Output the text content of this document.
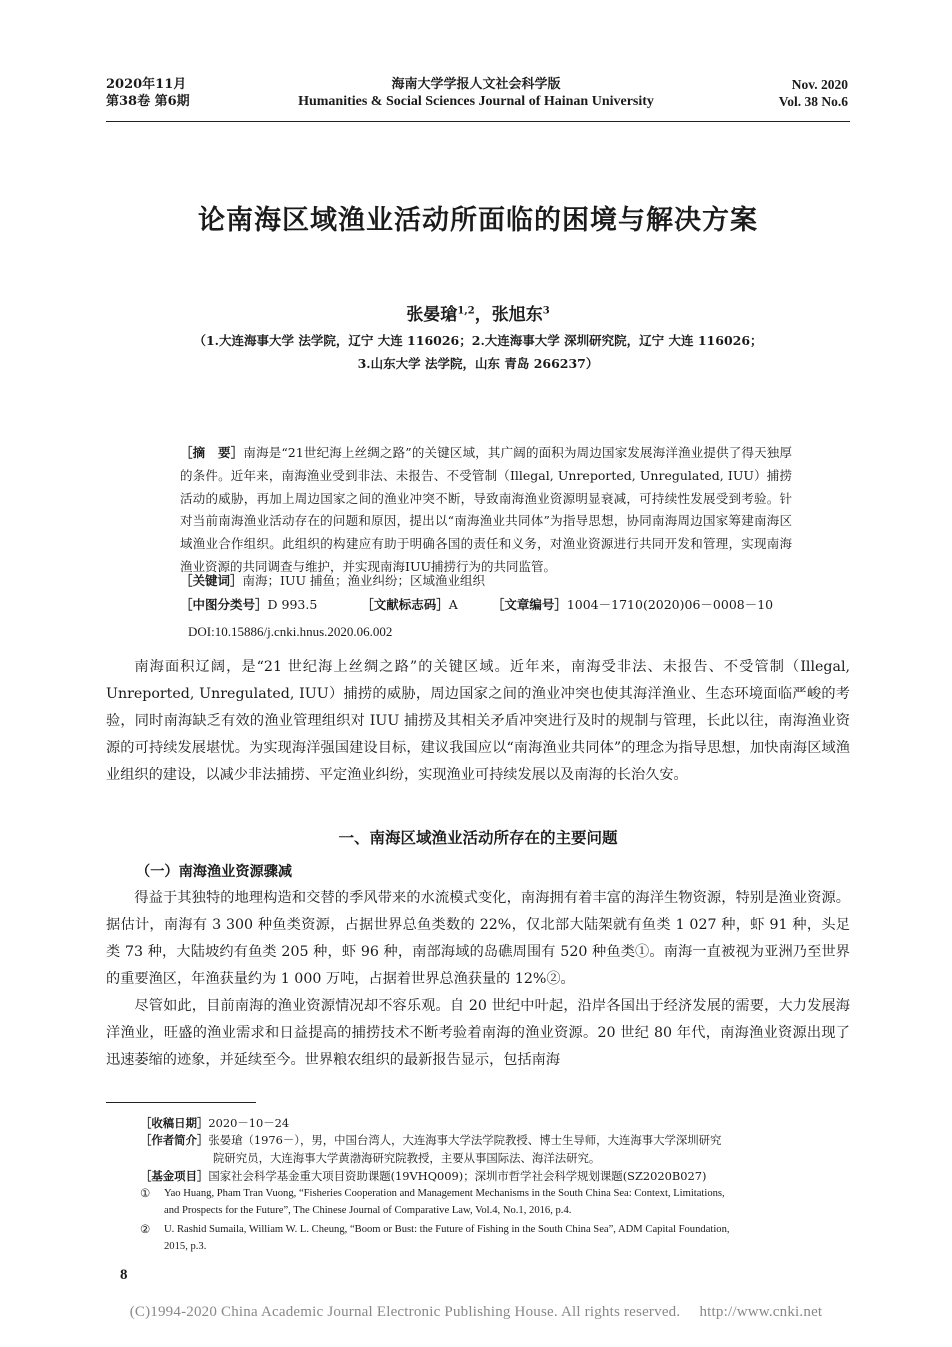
2020年11月
第38卷 第6期
海南大学学报人文社会科学版
Humanities & Social Sciences Journal of Hainan University
Nov. 2020
Vol. 38 No.6
论南海区域渔业活动所面临的困境与解决方案
张晏瑲$^{1,2}$，张旭东$^3$
（1.大连海事大学 法学院，辽宁 大连 116026；2.大连海事大学 深圳研究院，辽宁 大连 116026；
3.山东大学 法学院，山东 青岛 266237）
［摘　要］南海是“21世纪海上丝绸之路”的关键区域，其广阔的面积为周边国家发展海洋渔业提供了得天独厚的条件。近年来，南海渔业受到非法、未报告、不受管制（Illegal, Unreported, Unregulated, IUU）捕捞活动的威胁，再加上周边国家之间的渔业冲突不断，导致南海渔业资源明显衰减，可持续性发展受到考验。针对当前南海渔业活动存在的问题和原因，提出以“南海渔业共同体”为指导思想，协同南海周边国家筹建南海区域渔业合作组织。此组织的构建应有助于明确各国的责任和义务，对渔业资源进行共同开发和管理，实现南海渔业资源的共同调查与维护，并实现南海IUU捕捞行为的共同监管。
［关键词］南海；IUU 捕鱼；渔业纠纷；区域渔业组织
［中图分类号］D 993.5	［文献标志码］A	［文章编号］1004－1710(2020)06－0008－10
DOI:10.15886/j.cnki.hnus.2020.06.002

南海面积辽阔，是“21 世纪海上丝绸之路”的关键区域。近年来，南海受非法、未报告、不受管制（Illegal, Unreported, Unregulated, IUU）捕捞的威胁，周边国家之间的渔业冲突也使其海洋渔业、生态环境面临严峻的考验，同时南海缺乏有效的渔业管理组织对 IUU 捕捞及其相关矛盾冲突进行及时的规制与管理，长此以往，南海渔业资源的可持续发展堪忧。为实现海洋强国建设目标，建议我国应以“南海渔业共同体”的理念为指导思想，加快南海区域渔业组织的建设，以减少非法捕捞、平定渔业纠纷，实现渔业可持续发展以及南海的长治久安。

一、南海区域渔业活动所存在的主要问题
（一）南海渔业资源骤减

得益于其独特的地理构造和交替的季风带来的水流模式变化，南海拥有着丰富的海洋生物资源，特别是渔业资源。据估计，南海有 3 300 种鱼类资源，占据世界总鱼类数的 22%，仅北部大陆架就有鱼类 1 027 种，虾 91 种，头足类 73 种，大陆坡约有鱼类 205 种，虾 96 种，南部海域的岛礁周围有 520 种鱼类①。南海一直被视为亚洲乃至世界的重要渔区，年渔获量约为 1 000 万吨，占据着世界总渔获量的 12%②。

尽管如此，目前南海的渔业资源情况却不容乐观。自 20 世纪中叶起，沿岸各国出于经济发展的需要，大力发展海洋渔业，旺盛的渔业需求和日益提高的捕捞技术不断考验着南海的渔业资源。20 世纪 80 年代，南海渔业资源出现了迅速萎缩的迹象，并延续至今。世界粮农组织的最新报告显示，包括南海

［收稿日期］2020－10－24
［作者简介］张晏瑲（1976－），男，中国台湾人，大连海事大学法学院教授、博士生导师，大连海事大学深圳研究
院研究员，大连海事大学黄渤海研究院教授，主要从事国际法、海洋法研究。
［基金项目］国家社会科学基金重大项目资助课题(19VHQ009)；深圳市哲学社会科学规划课题(SZ2020B027)
① Yao Huang, Pham Tran Vuong, “Fisheries Cooperation and Management Mechanisms in the South China Sea: Context, Limitations,
and Prospects for the Future”, The Chinese Journal of Comparative Law, Vol.4, No.1, 2016, p.4.
② U. Rashid Sumaila, William W. L. Cheung, “Boom or Bust: the Future of Fishing in the South China Sea”, ADM Capital Foundation,
2015, p.3.
8
(C)1994-2020 China Academic Journal Electronic Publishing House. All rights reserved.　 http://www.cnki.net
